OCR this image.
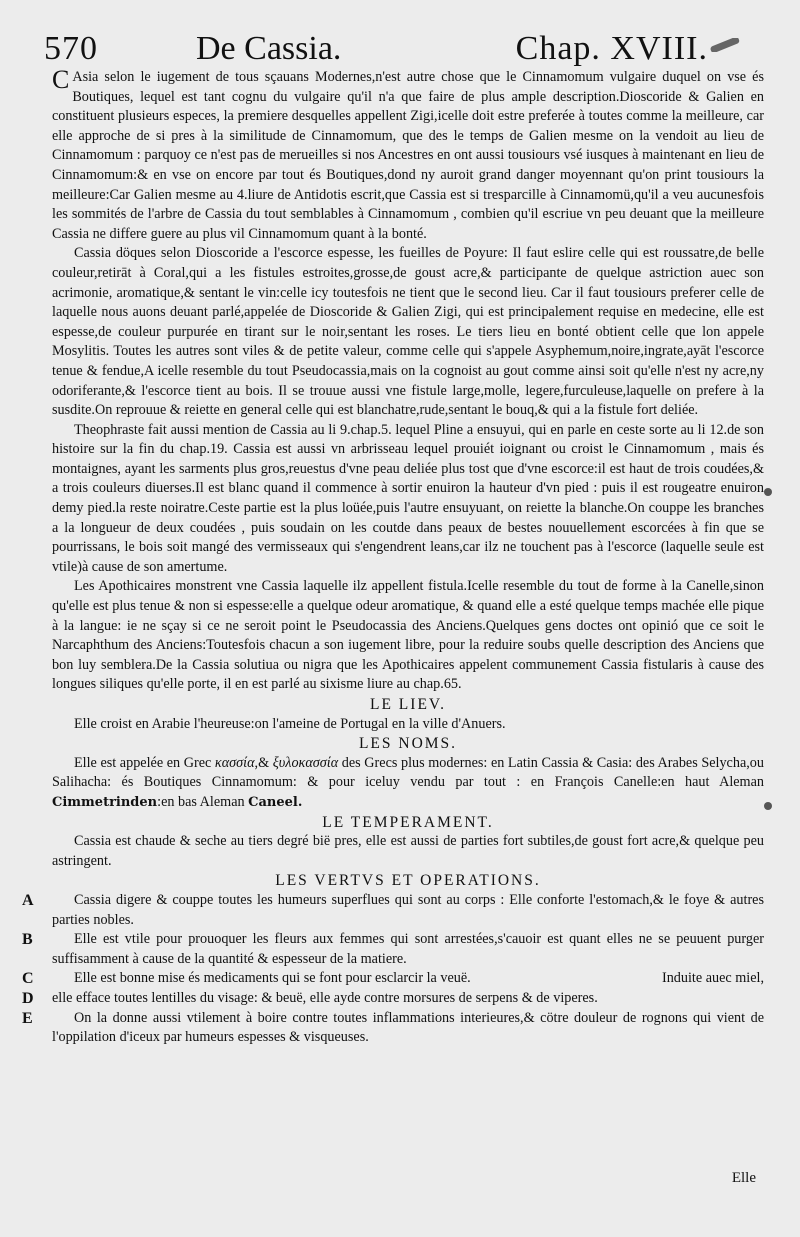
570	De Cassia.	Chap. XVIII.

C Asia selon le iugement de tous sçauans Modernes,n'est autre chose que le Cinnamomum vulgaire duquel on vse és Boutiques, lequel est tant cognu du vulgaire qu'il n'a que faire de plus ample description.Dioscoride & Galien en constituent plusieurs especes, la premiere desquelles appellent Zigi,icelle doit estre preferée à toutes comme la meilleure, car elle approche de si pres à la similitude de Cinnamomum, que des le temps de Galien mesme on la vendoit au lieu de Cinnamomum : parquoy ce n'est pas de merueilles si nos Ancestres en ont aussi tousiours vsé iusques à maintenant en lieu de Cinnamomum:& en vse on encore par tout és Boutiques,dond ny auroit grand danger moyennant qu'on print tousiours la meilleure:Car Galien mesme au 4.liure de Antidotis escrit,que Cassia est si tresparcille à Cinnamomü,qu'il a veu aucunesfois les sommités de l'arbre de Cassia du tout semblables à Cinnamomum , combien qu'il escriue vn peu deuant que la meilleure Cassia ne differe guere au plus vil Cinnamomum quant à la bonté.

Cassia döques selon Dioscoride a l'escorce espesse, les fueilles de Poyure: Il faut eslire celle qui est roussatre,de belle couleur,retirāt à Coral,qui a les fistules estroites,grosse,de goust acre,& participante de quelque astriction auec son acrimonie, aromatique,& sentant le vin:celle icy toutesfois ne tient que le second lieu. Car il faut tousiours preferer celle de laquelle nous auons deuant parlé,appelée de Dioscoride & Galien Zigi, qui est principalement requise en medecine, elle est espesse,de couleur purpurée en tirant sur le noir,sentant les roses. Le tiers lieu en bonté obtient celle que lon appele Mosylitis. Toutes les autres sont viles & de petite valeur, comme celle qui s'appele Asyphemum,noire,ingrate,ayāt l'escorce tenue & fendue,A icelle resemble du tout Pseudocassia,mais on la cognoist au gout comme ainsi soit qu'elle n'est ny acre,ny odoriferante,& l'escorce tient au bois. Il se trouue aussi vne fistule large,molle, legere,furculeuse,laquelle on prefere à la susdite.On reprouue & reiette en general celle qui est blanchatre,rude,sentant le bouq,& qui a la fistule fort deliée.

Theophraste fait aussi mention de Cassia au li 9.chap.5. lequel Pline a ensuyui, qui en parle en ceste sorte au li 12.de son histoire sur la fin du chap.19. Cassia est aussi vn arbrisseau lequel prouiét ioignant ou croist le Cinnamomum , mais és montaignes, ayant les sarments plus gros,reuestus d'vne peau deliée plus tost que d'vne escorce:il est haut de trois coudées,& a trois couleurs diuerses.Il est blanc quand il commence à sortir enuiron la hauteur d'vn pied : puis il est rougeatre enuiron demy pied.la reste noiratre.Ceste partie est la plus loüée,puis l'autre ensuyuant, on reiette la blanche.On couppe les branches a la longueur de deux coudées , puis soudain on les coutde dans peaux de bestes nouuellement escorcées à fin que se pourrissans, le bois soit mangé des vermisseaux qui s'engendrent leans,car ilz ne touchent pas à l'escorce (laquelle seule est vtile)à cause de son amertume.

Les Apothicaires monstrent vne Cassia laquelle ilz appellent fistula.Icelle resemble du tout de forme à la Canelle,sinon qu'elle est plus tenue & non si espesse:elle a quelque odeur aromatique, & quand elle a esté quelque temps machée elle pique à la langue: ie ne sçay si ce ne seroit point le Pseudocassia des Anciens.Quelques gens doctes ont opinió que ce soit le Narcaphthum des Anciens:Toutesfois chacun a son iugement libre, pour la reduire soubs quelle description des Anciens que bon luy semblera.De la Cassia solutiua ou nigra que les Apothicaires appelent communement Cassia fistularis à cause des longues siliques qu'elle porte, il en est parlé au sixisme liure au chap.65.

LE LIEV.

Elle croist en Arabie l'heureuse:on l'ameine de Portugal en la ville d'Anuers.

LES NOMS.

Elle est appelée en Grec κασσία,& ξυλοκασσία des Grecs plus modernes: en Latin Cassia & Casia: des Arabes Selycha,ou Salihacha: és Boutiques Cinnamomum: & pour iceluy vendu par tout : en François Canelle:en haut Aleman Cimmetrinden:en bas Aleman Caneel.

LE TEMPERAMENT.

Cassia est chaude & seche au tiers degré bië pres, elle est aussi de parties fort subtiles,de goust fort acre,& quelque peu astringent.

LES VERTVS ET OPERATIONS.

A	Cassia digere & couppe toutes les humeurs superflues qui sont au corps : Elle conforte l'estomach,& le foye & autres parties nobles.

B	Elle est vtile pour prouoquer les fleurs aux femmes qui sont arrestées,s'cauoir est quant elles ne se peuuent purger suffisamment à cause de la quantité & espesseur de la matiere.

C	Elle est bonne mise és medicaments qui se font pour esclarcir la veuë.	Induite auec miel,

D elle efface toutes lentilles du visage: & beuë, elle ayde contre morsures de serpens & de viperes.

E	On la donne aussi vtilement à boire contre toutes inflammations interieures,& cötre douleur de rognons qui vient de l'oppilation d'iceux par humeurs espesses & visqueuses.

Elle
